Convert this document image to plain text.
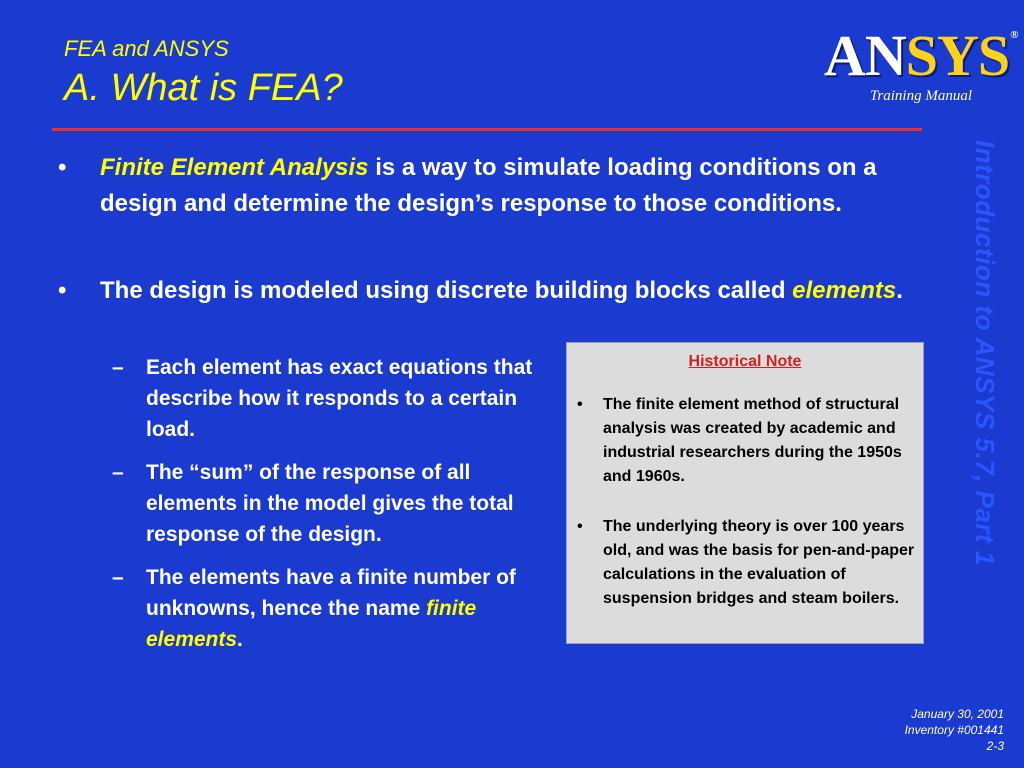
FEA and ANSYS
A. What is FEA?	ANSYS®
Training Manual
Introduction to ANSYS 5.7, Part 1
• Finite Element Analysis is a way to simulate loading conditions on a design and determine the design’s response to those conditions.
• The design is modeled using discrete building blocks called elements.
– Each element has exact equations that describe how it responds to a certain load.
– The “sum” of the response of all elements in the model gives the total response of the design.
– The elements have a finite number of unknowns, hence the name finite elements.
Historical Note
• The finite element method of structural analysis was created by academic and industrial researchers during the 1950s and 1960s.
• The underlying theory is over 100 years old, and was the basis for pen-and-paper calculations in the evaluation of suspension bridges and steam boilers.
January 30, 2001
Inventory #001441
2-3
